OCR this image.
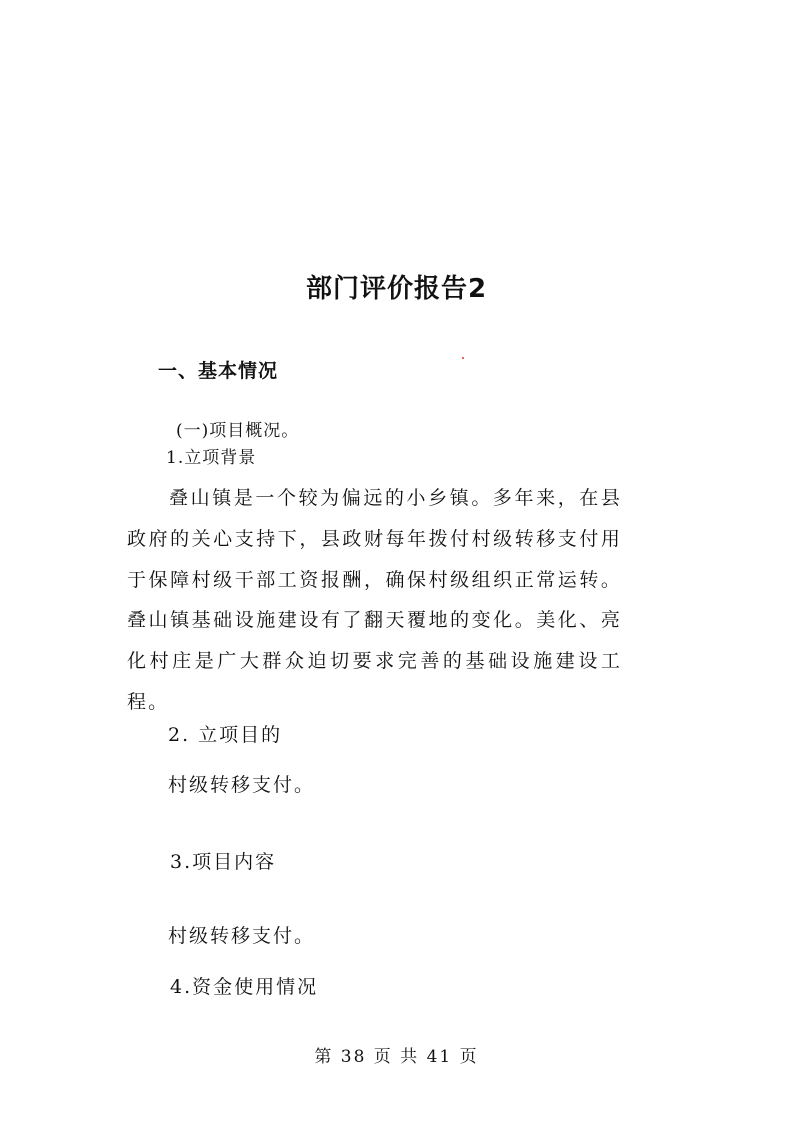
部门评价报告2
一、基本情况
(一)项目概况。
1.立项背景
叠山镇是一个较为偏远的小乡镇。多年来，在县政府的关心支持下，县政财每年拨付村级转移支付用于保障村级干部工资报酬，确保村级组织正常运转。叠山镇基础设施建设有了翻天覆地的变化。美化、亮化村庄是广大群众迫切要求完善的基础设施建设工程。
2. 立项目的
村级转移支付。
3.项目内容
村级转移支付。
4.资金使用情况
第 38 页 共 41 页
